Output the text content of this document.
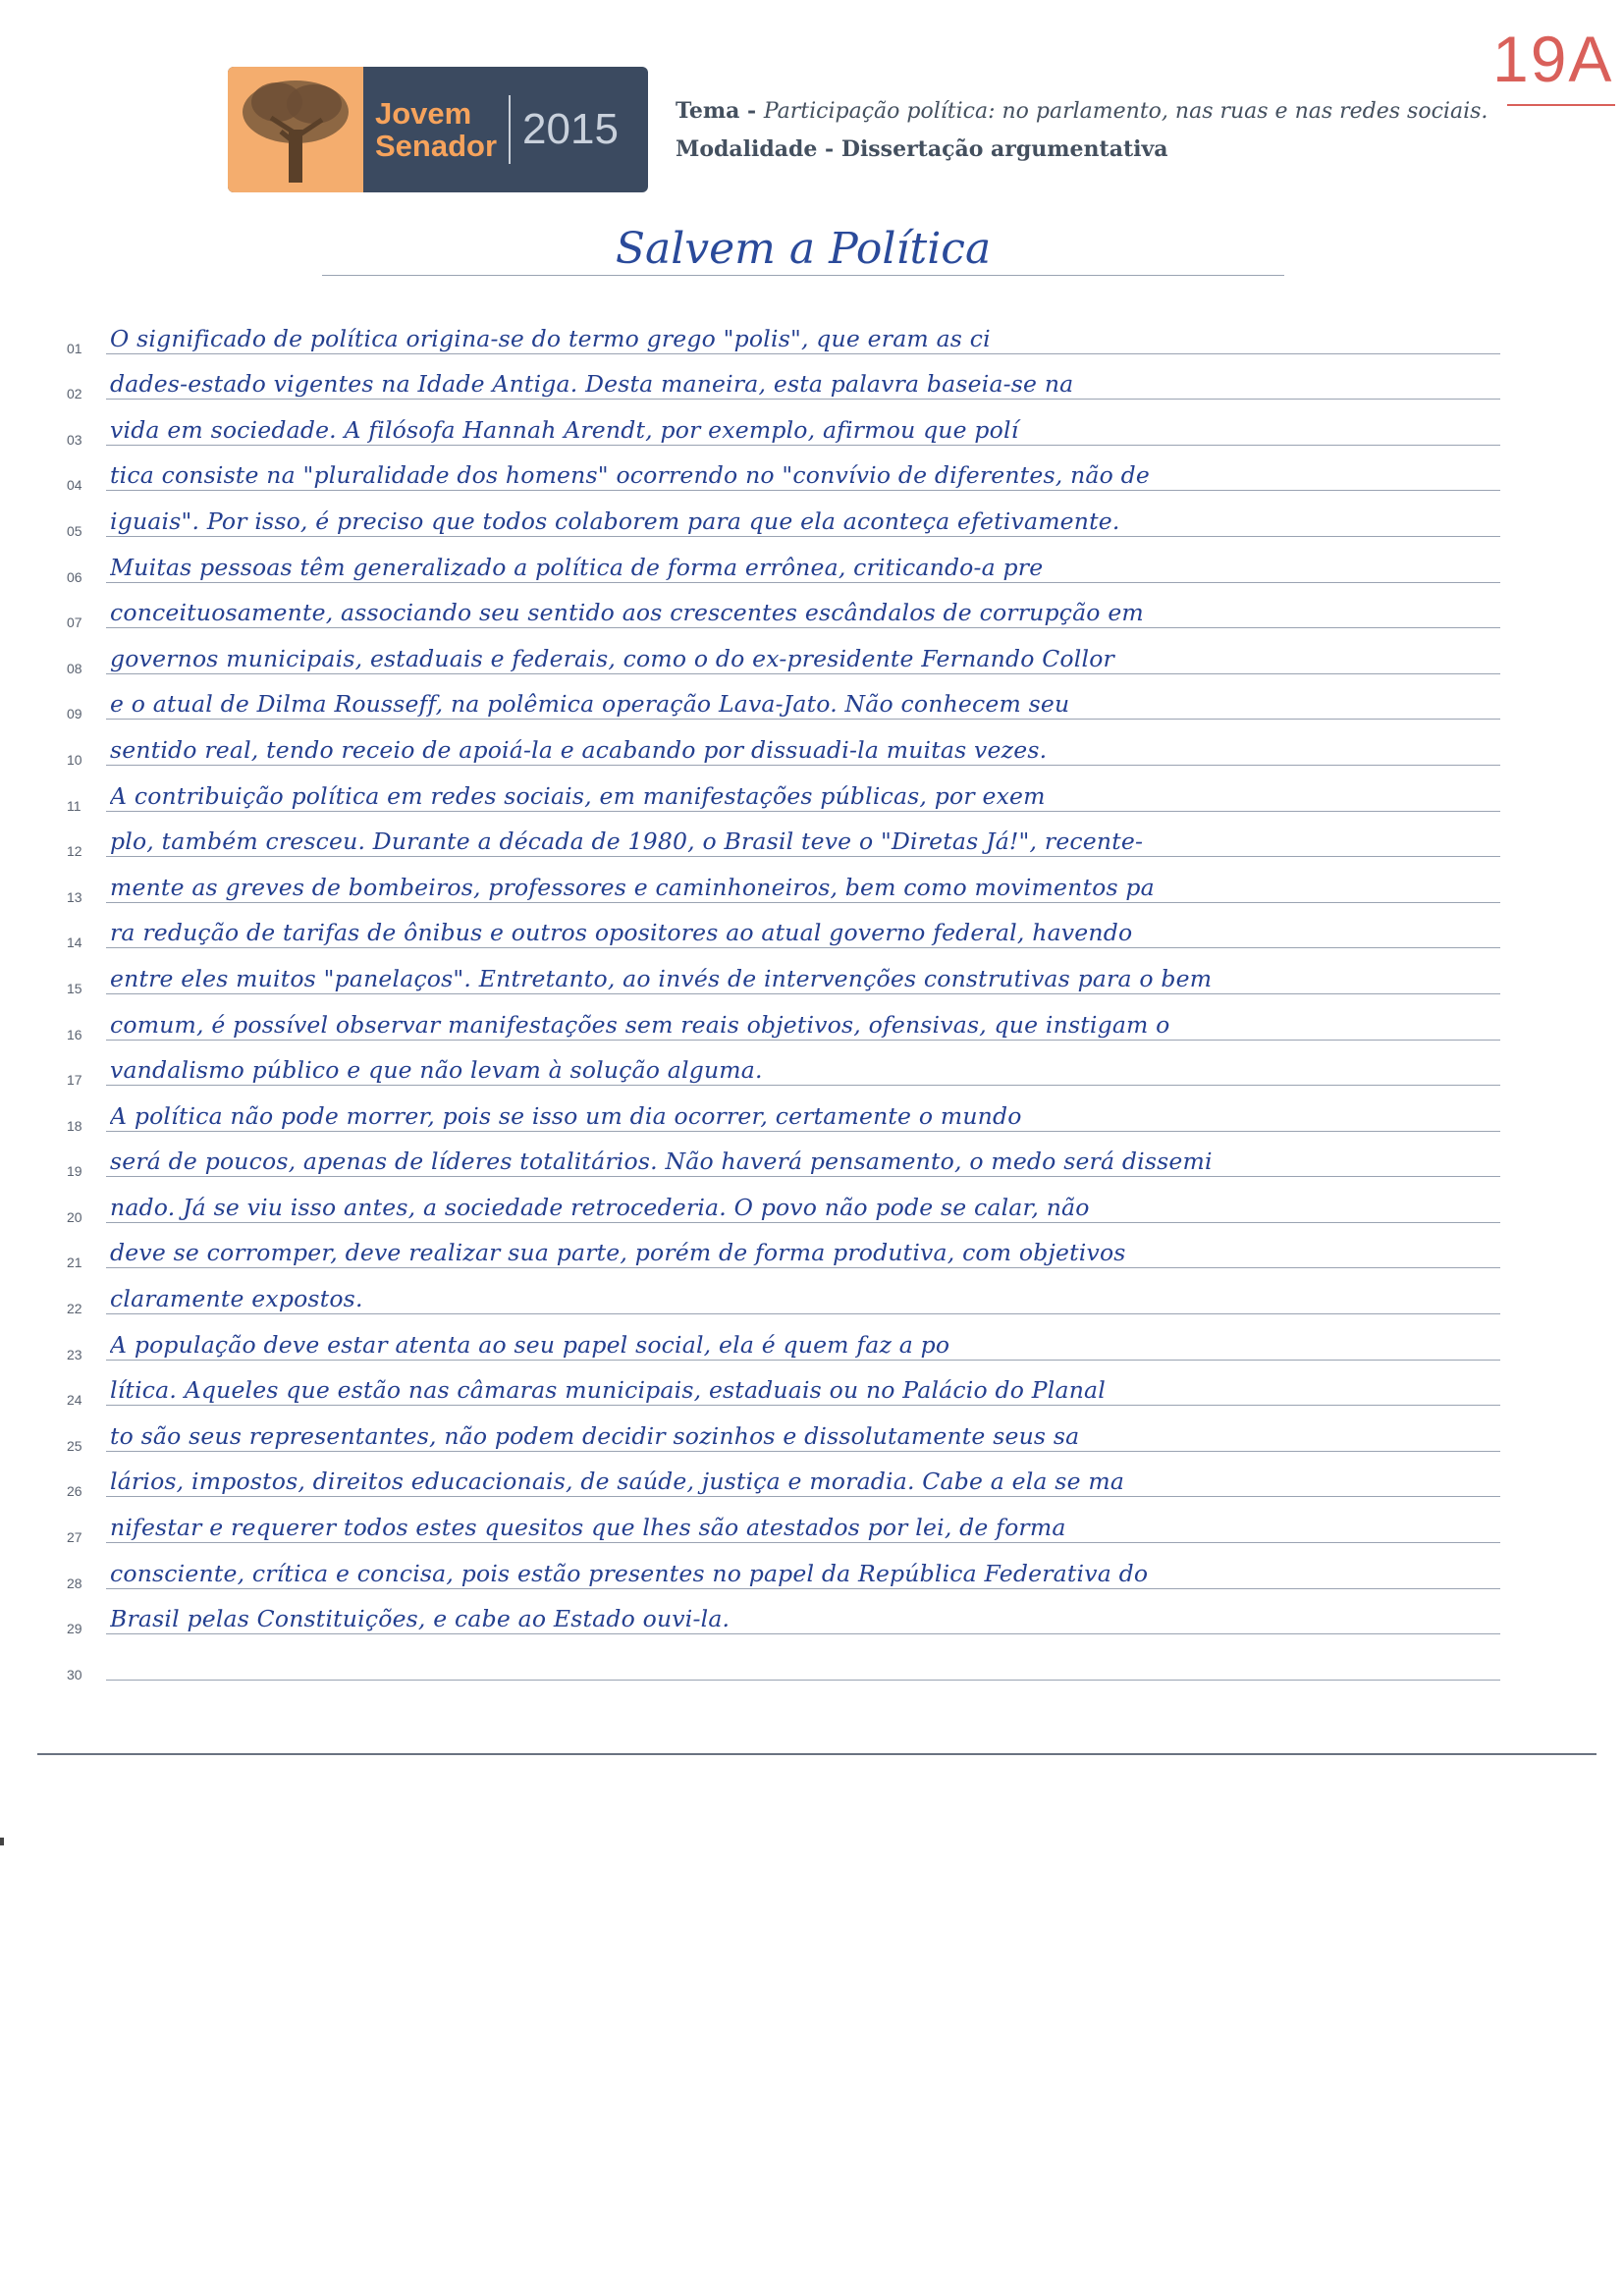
19A
Jovem
Senador 2015	Tema - Participação política: no parlamento, nas ruas e nas redes sociais.
Modalidade - Dissertação argumentativa
Salvem a Política
01	O significado de política origina-se do termo grego "polis", que eram as ci
02	dades-estado vigentes na Idade Antiga. Desta maneira, esta palavra baseia-se na
03	vida em sociedade. A filósofa Hannah Arendt, por exemplo, afirmou que polí
04	tica consiste na "pluralidade dos homens" ocorrendo no "convívio de diferentes, não de
05	iguais". Por isso, é preciso que todos colaborem para que ela aconteça efetivamente.
06	Muitas pessoas têm generalizado a política de forma errônea, criticando-a pre
07	conceituosamente, associando seu sentido aos crescentes escândalos de corrupção em
08	governos municipais, estaduais e federais, como o do ex-presidente Fernando Collor
09	e o atual de Dilma Rousseff, na polêmica operação Lava-Jato. Não conhecem seu
10	sentido real, tendo receio de apoiá-la e acabando por dissuadi-la muitas vezes.
11	A contribuição política em redes sociais, em manifestações públicas, por exem
12	plo, também cresceu. Durante a década de 1980, o Brasil teve o "Diretas Já!", recente-
13	mente as greves de bombeiros, professores e caminhoneiros, bem como movimentos pa
14	ra redução de tarifas de ônibus e outros opositores ao atual governo federal, havendo
15	entre eles muitos "panelaços". Entretanto, ao invés de intervenções construtivas para o bem
16	comum, é possível observar manifestações sem reais objetivos, ofensivas, que instigam o
17	vandalismo público e que não levam à solução alguma.
18	A política não pode morrer, pois se isso um dia ocorrer, certamente o mundo
19	será de poucos, apenas de líderes totalitários. Não haverá pensamento, o medo será dissemi
20	nado. Já se viu isso antes, a sociedade retrocederia. O povo não pode se calar, não
21	deve se corromper, deve realizar sua parte, porém de forma produtiva, com objetivos
22	claramente expostos.
23	A população deve estar atenta ao seu papel social, ela é quem faz a po
24	lítica. Aqueles que estão nas câmaras municipais, estaduais ou no Palácio do Planal
25	to são seus representantes, não podem decidir sozinhos e dissolutamente seus sa
26	lários, impostos, direitos educacionais, de saúde, justiça e moradia. Cabe a ela se ma
27	nifestar e requerer todos estes quesitos que lhes são atestados por lei, de forma
28	consciente, crítica e concisa, pois estão presentes no papel da República Federativa do
29	Brasil pelas Constituições, e cabe ao Estado ouvi-la.
30
